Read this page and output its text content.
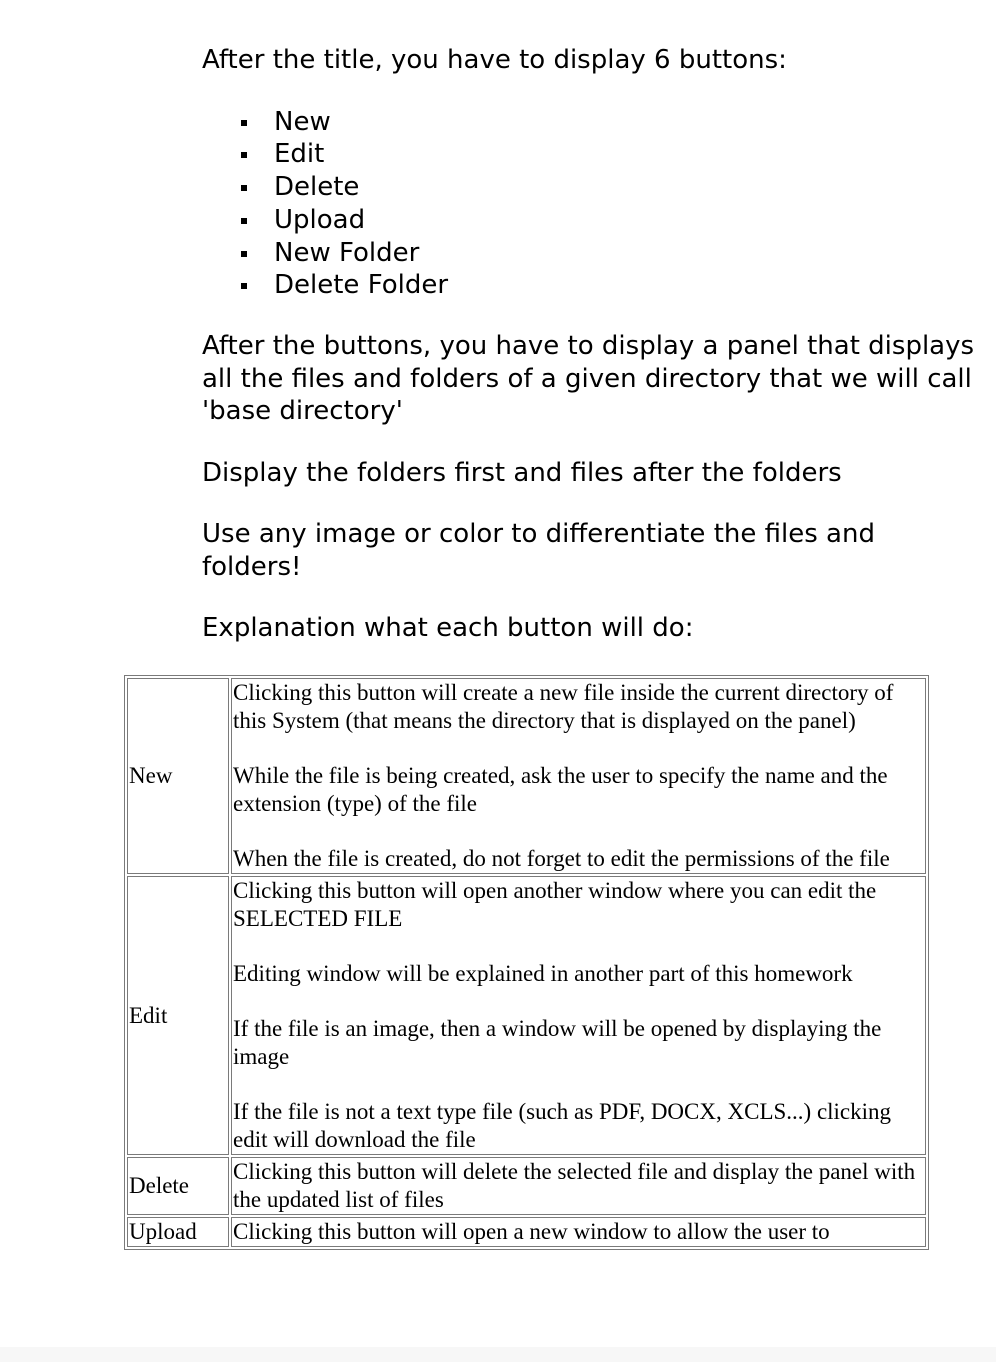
After the title, you have to display 6 buttons:

New
Edit
Delete
Upload
New Folder
Delete Folder

After the buttons, you have to display a panel that displays all the files and folders of a given directory that we will call 'base directory'

Display the folders first and files after the folders

Use any image or color to differentiate the files and folders!

Explanation what each button will do:

New	Clicking this button will create a new file inside the current directory of this System (that means the directory that is displayed on the panel)

While the file is being created, ask the user to specify the name and the extension (type) of the file

When the file is created, do not forget to edit the permissions of the file

Edit	Clicking this button will open another window where you can edit the SELECTED FILE

Editing window will be explained in another part of this homework

If the file is an image, then a window will be opened by displaying the image

If the file is not a text type file (such as PDF, DOCX, XCLS...) clicking edit will download the file

Delete	Clicking this button will delete the selected file and display the panel with the updated list of files

Upload	Clicking this button will open a new window to allow the user to
